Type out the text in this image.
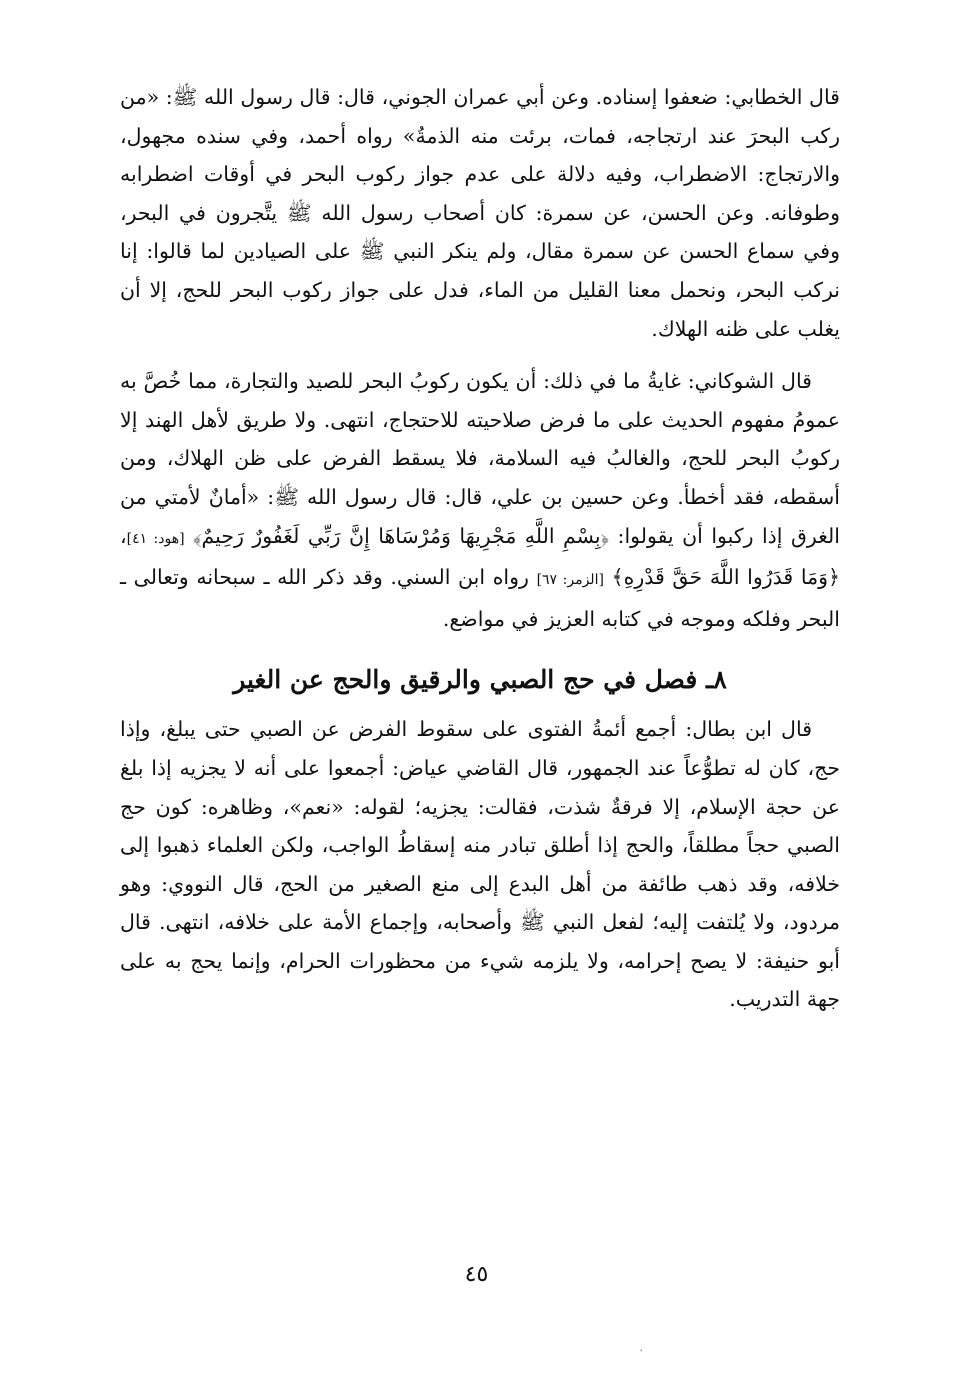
قال الخطابي: ضعفوا إسناده. وعن أبي عمران الجوني، قال: قال رسول الله ﷺ: «من ركب البحرَ عند ارتجاجه، فمات، برئت منه الذمةُ» رواه أحمد، وفي سنده مجهول، والارتجاج: الاضطراب، وفيه دلالة على عدم جواز ركوب البحر في أوقات اضطرابه وطوفانه. وعن الحسن، عن سمرة: كان أصحاب رسول الله ﷺ يتَّجرون في البحر، وفي سماع الحسن عن سمرة مقال، ولم ينكر النبي ﷺ على الصيادين لما قالوا: إنا نركب البحر، ونحمل معنا القليل من الماء، فدل على جواز ركوب البحر للحج، إلا أن يغلب على ظنه الهلاك.

قال الشوكاني: غايةُ ما في ذلك: أن يكون ركوبُ البحر للصيد والتجارة، مما خُصَّ به عمومُ مفهوم الحديث على ما فرض صلاحيته للاحتجاج، انتهى. ولا طريق لأهل الهند إلا ركوبُ البحر للحج، والغالبُ فيه السلامة، فلا يسقط الفرض على ظن الهلاك، ومن أسقطه، فقد أخطأ. وعن حسين بن علي، قال: قال رسول الله ﷺ: «أمانٌ لأمتي من الغرق إذا ركبوا أن يقولوا: ﴿بِسْمِ اللَّهِ مَجْرِيهَا وَمُرْسَاهَا إِنَّ رَبِّي لَغَفُورٌ رَحِيمٌ﴾ [هود: ٤١]، ﴿وَمَا قَدَرُوا اللَّهَ حَقَّ قَدْرِهِ﴾ [الزمر: ٦٧] رواه ابن السني. وقد ذكر الله ـ سبحانه وتعالى ـ البحر وفلكه وموجه في كتابه العزيز في مواضع.

٨ـ فصل في حج الصبي والرقيق والحج عن الغير

قال ابن بطال: أجمع أئمةُ الفتوى على سقوط الفرض عن الصبي حتى يبلغ، وإذا حج، كان له تطوُّعاً عند الجمهور، قال القاضي عياض: أجمعوا على أنه لا يجزيه إذا بلغ عن حجة الإسلام، إلا فرقةٌ شذت، فقالت: يجزيه؛ لقوله: «نعم»، وظاهره: كون حج الصبي حجاً مطلقاً، والحج إذا أطلق تبادر منه إسقاطُ الواجب، ولكن العلماء ذهبوا إلى خلافه، وقد ذهب طائفة من أهل البدع إلى منع الصغير من الحج، قال النووي: وهو مردود، ولا يُلتفت إليه؛ لفعل النبي ﷺ وأصحابه، وإجماع الأمة على خلافه، انتهى. قال أبو حنيفة: لا يصح إحرامه، ولا يلزمه شيء من محظورات الحرام، وإنما يحج به على جهة التدريب.

٤٥
˒
